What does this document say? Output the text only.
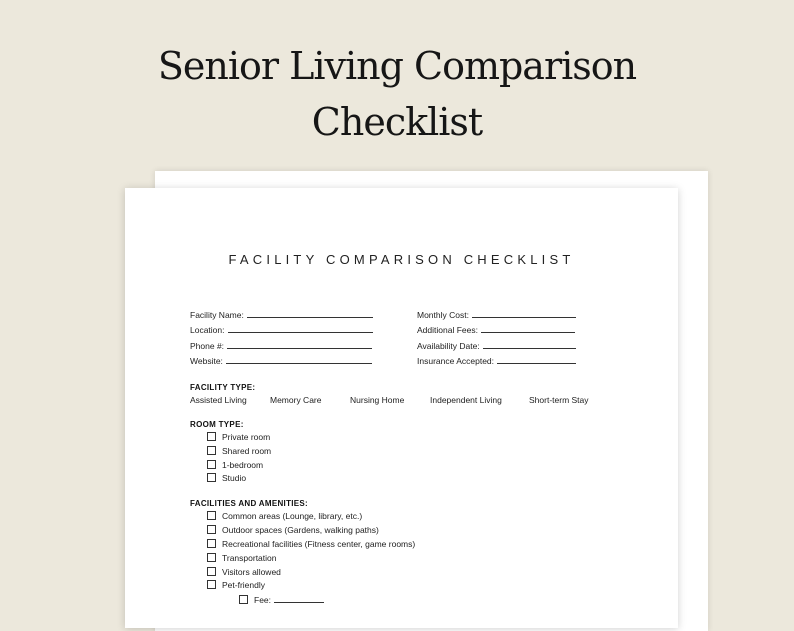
Senior Living Comparison
Checklist
FACILITY COMPARISON CHECKLIST
Facility Name:
Location:
Phone #:
Website:
Monthly Cost:
Additional Fees:
Availability Date:
Insurance Accepted:
FACILITY TYPE:
Assisted Living	Memory Care	Nursing Home	Independent Living	Short-term Stay
ROOM TYPE:
Private room
Shared room
1-bedroom
Studio
FACILITIES AND AMENITIES:
Common areas (Lounge, library, etc.)
Outdoor spaces (Gardens, walking paths)
Recreational facilities (Fitness center, game rooms)
Transportation
Visitors allowed
Pet-friendly
Fee:
